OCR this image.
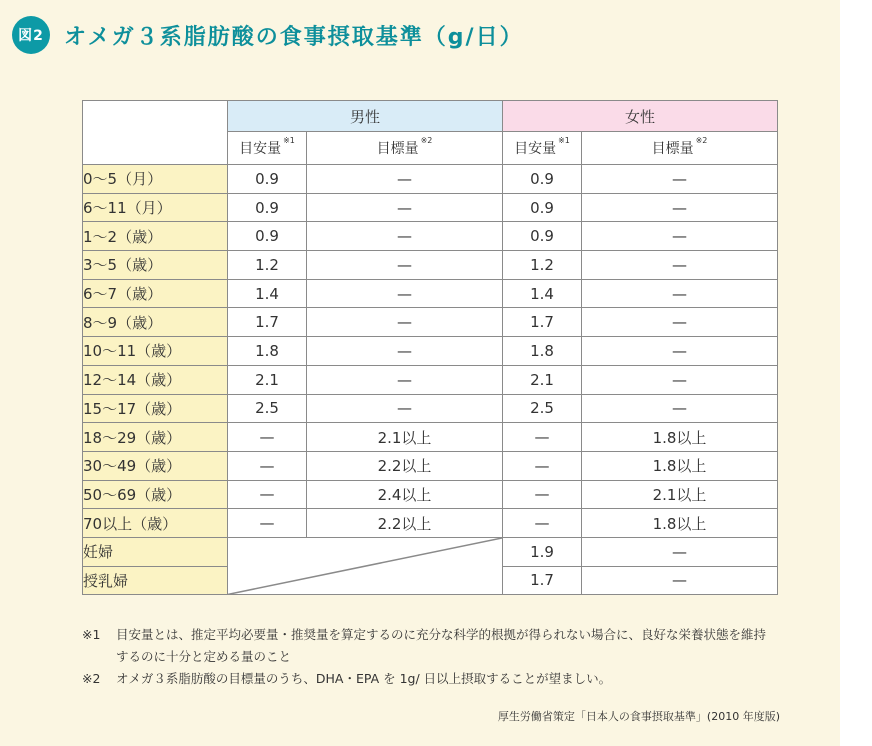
図2 オメガ３系脂肪酸の食事摂取基準（g/日）
	男性		女性	
	目安量$^{※1}$	目標量$^{※2}$	目安量$^{※1}$	目標量$^{※2}$
0～5（月）	0.9	—	0.9	—
6～11（月）	0.9	—	0.9	—
1～2（歳）	0.9	—	0.9	—
3～5（歳）	1.2	—	1.2	—
6～7（歳）	1.4	—	1.4	—
8～9（歳）	1.7	—	1.7	—
10～11（歳）	1.8	—	1.8	—
12～14（歳）	2.1	—	2.1	—
15～17（歳）	2.5	—	2.5	—
18～29（歳）	—	2.1以上	—	1.8以上
30～49（歳）	—	2.2以上	—	1.8以上
50～69（歳）	—	2.4以上	—	2.1以上
70以上（歳）	—	2.2以上	—	1.8以上
妊婦			1.9	—
授乳婦			1.7	—
※1	目安量とは、推定平均必要量・推奨量を算定するのに充分な科学的根拠が得られない場合に、良好な栄養状態を維持するのに十分と定める量のこと
※2	オメガ３系脂肪酸の目標量のうち、DHA・EPA を 1g/ 日以上摂取することが望ましい。
厚生労働省策定「日本人の食事摂取基準」(2010 年度版)
